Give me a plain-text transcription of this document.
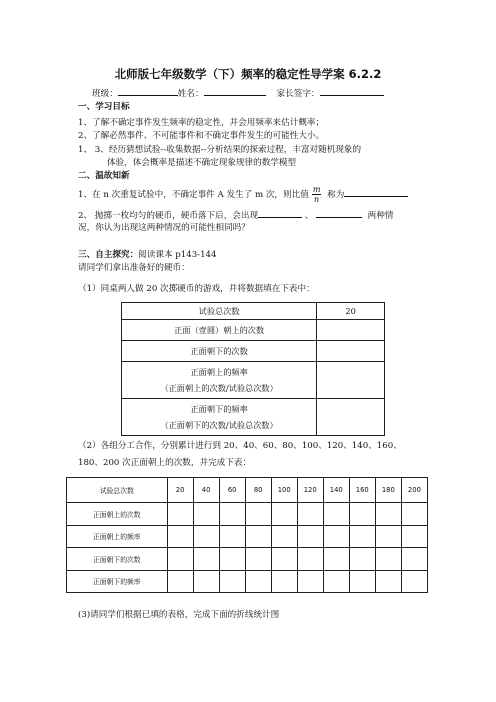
北师版七年级数学（下）频率的稳定性导学案 6.2.2
班级：	姓名：	家长签字：
一、学习目标
1、了解不确定事件发生频率的稳定性，并会用频率来估计概率；
2、了解必然事件、不可能事件和不确定事件发生的可能性大小。
1、 3、经历猜想试验--收集数据--分析结果的探索过程，丰富对随机现象的
体验，体会概率是描述不确定现象规律的数学模型
二、温故知新
1、在 n 次重复试验中，不确定事件 A 发生了 m 次，则比值 $\frac{m}{n}$ 称为
2、 抛掷一枚均匀的硬币，硬币落下后，会出现	、	两种情
况，你认为出现这两种情况的可能性相同吗？
三、自主探究：阅读课本 p143-144
请同学们拿出准备好的硬币：
（1）同桌两人做 20 次掷硬币的游戏，并将数据填在下表中：
试验总次数	20
正面（壹圆）朝上的次数	
正面朝下的次数	

正面朝上的频率
（正面朝上的次数/试验总次数）	

正面朝下的频率
（正面朝下的次数/试验总次数）	

（2）各组分工合作，分别累计进行到 20、40、60、80、100、120、140、160、
180、200 次正面朝上的次数，并完成下表：
试验总次数	20	40	60	80	100	120	140	160	180	200
正面朝上的次数										
正面朝上的频率										
正面朝下的次数										
正面朝下的频率										
(3)请同学们根据已填的表格，完成下面的折线统计图
